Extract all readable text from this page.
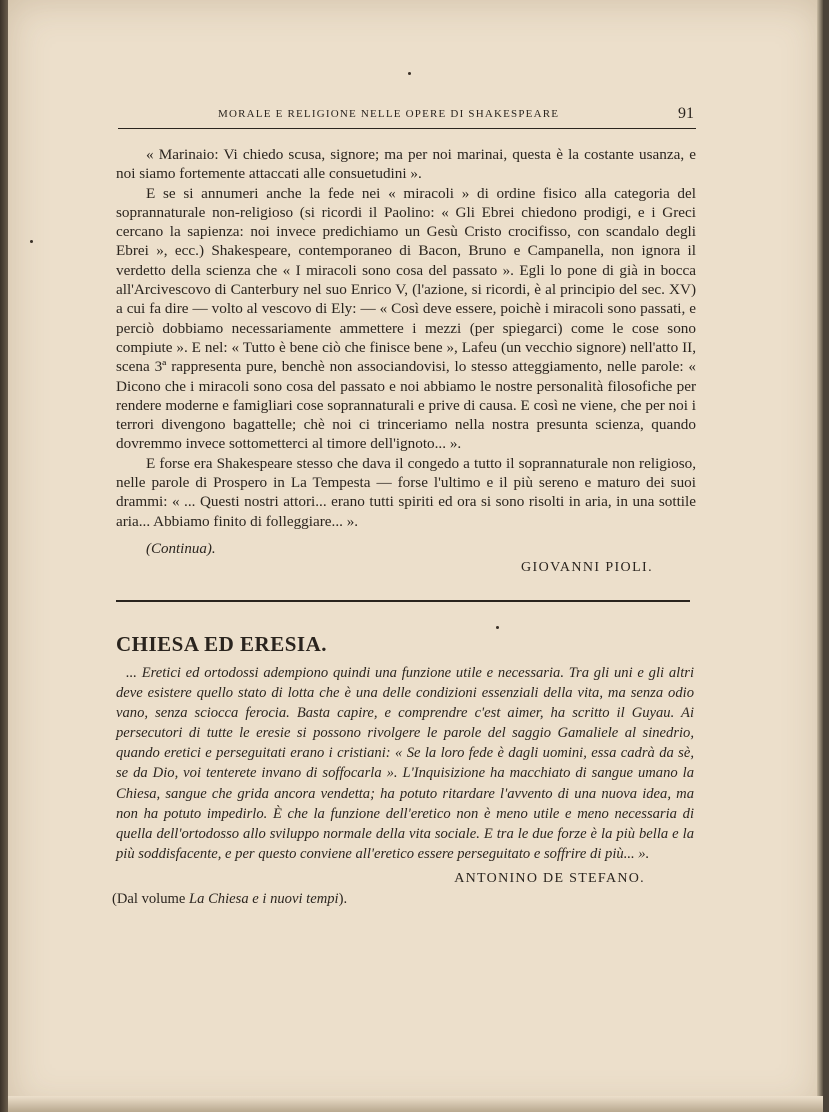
MORALE E RELIGIONE NELLE OPERE DI SHAKESPEARE	91

« Marinaio: Vi chiedo scusa, signore; ma per noi marinai, questa è la costante usanza, e noi siamo fortemente attaccati alle consuetudini ».

E se si annumeri anche la fede nei « miracoli » di ordine fisico alla categoria del soprannaturale non-religioso (si ricordi il Paolino: « Gli Ebrei chiedono prodigi, e i Greci cercano la sapienza: noi invece predichiamo un Gesù Cristo crocifisso, con scandalo degli Ebrei », ecc.) Shakespeare, contemporaneo di Bacon, Bruno e Campanella, non ignora il verdetto della scienza che « I miracoli sono cosa del passato ». Egli lo pone di già in bocca all'Arcivescovo di Canterbury nel suo Enrico V, (l'azione, si ricordi, è al principio del sec. XV) a cui fa dire — volto al vescovo di Ely: — « Così deve essere, poichè i miracoli sono passati, e perciò dobbiamo necessariamente ammettere i mezzi (per spiegarci) come le cose sono compiute ». E nel: « Tutto è bene ciò che finisce bene », Lafeu (un vecchio signore) nell'atto II, scena 3ª rappresenta pure, benchè non associandovisi, lo stesso atteggiamento, nelle parole: « Dicono che i miracoli sono cosa del passato e noi abbiamo le nostre personalità filosofiche per rendere moderne e famigliari cose soprannaturali e prive di causa. E così ne viene, che per noi i terrori divengono bagattelle; chè noi ci trinceriamo nella nostra presunta scienza, quando dovremmo invece sottometterci al timore dell'ignoto... ».

E forse era Shakespeare stesso che dava il congedo a tutto il soprannaturale non religioso, nelle parole di Prospero in La Tempesta — forse l'ultimo e il più sereno e maturo dei suoi drammi: « ... Questi nostri attori... erano tutti spiriti ed ora si sono risolti in aria, in una sottile aria... Abbiamo finito di folleggiare... ».

(Continua).
GIOVANNI PIOLI.
CHIESA ED ERESIA.

... Eretici ed ortodossi adempiono quindi una funzione utile e necessaria. Tra gli uni e gli altri deve esistere quello stato di lotta che è una delle condizioni essenziali della vita, ma senza odio vano, senza sciocca ferocia. Basta capire, e comprendre c'est aimer, ha scritto il Guyau. Ai persecutori di tutte le eresie si possono rivolgere le parole del saggio Gamaliele al sinedrio, quando eretici e perseguitati erano i cristiani: « Se la loro fede è dagli uomini, essa cadrà da sè, se da Dio, voi tenterete invano di soffocarla ». L'Inquisizione ha macchiato di sangue umano la Chiesa, sangue che grida ancora vendetta; ha potuto ritardare l'avvento di una nuova idea, ma non ha potuto impedirlo. È che la funzione dell'eretico non è meno utile e meno necessaria di quella dell'ortodosso allo sviluppo normale della vita sociale. E tra le due forze è la più bella e la più soddisfacente, e per questo conviene all'eretico essere perseguitato e soffrire di più... ».

ANTONINO DE STEFANO.
(Dal volume La Chiesa e i nuovi tempi).
